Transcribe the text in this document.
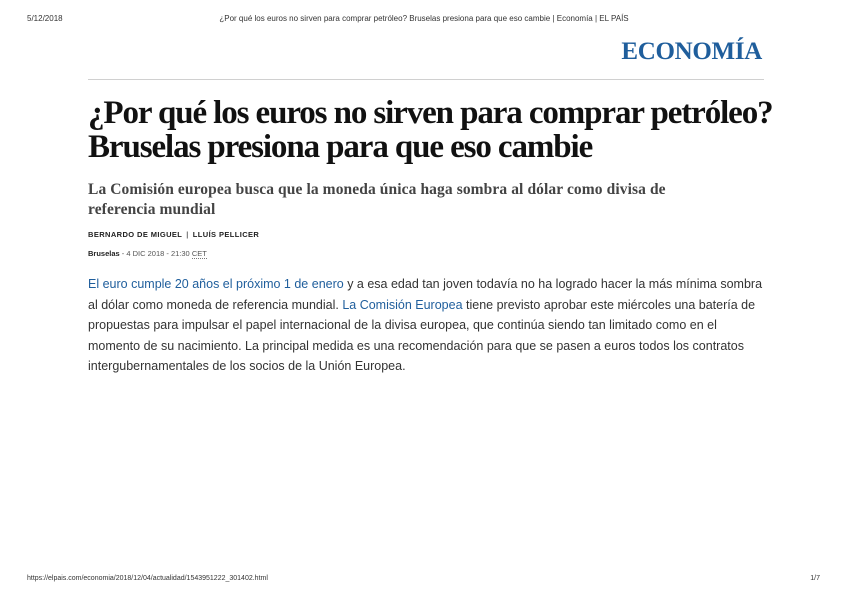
5/12/2018	¿Por qué los euros no sirven para comprar petróleo? Bruselas presiona para que eso cambie | Economía | EL PAÍS
ECONOMÍA
¿Por qué los euros no sirven para comprar petróleo? Bruselas presiona para que eso cambie
La Comisión europea busca que la moneda única haga sombra al dólar como divisa de referencia mundial
BERNARDO DE MIGUEL | LLUÍS PELLICER
Bruselas - 4 DIC 2018 - 21:30 CET

El euro cumple 20 años el próximo 1 de enero y a esa edad tan joven todavía no ha logrado hacer la más mínima sombra al dólar como moneda de referencia mundial. La Comisión Europea tiene previsto aprobar este miércoles una batería de propuestas para impulsar el papel internacional de la divisa europea, que continúa siendo tan limitado como en el momento de su nacimiento. La principal medida es una recomendación para que se pasen a euros todos los contratos intergubernamentales de los socios de la Unión Europea.

https://elpais.com/economia/2018/12/04/actualidad/1543951222_301402.html	1/7
